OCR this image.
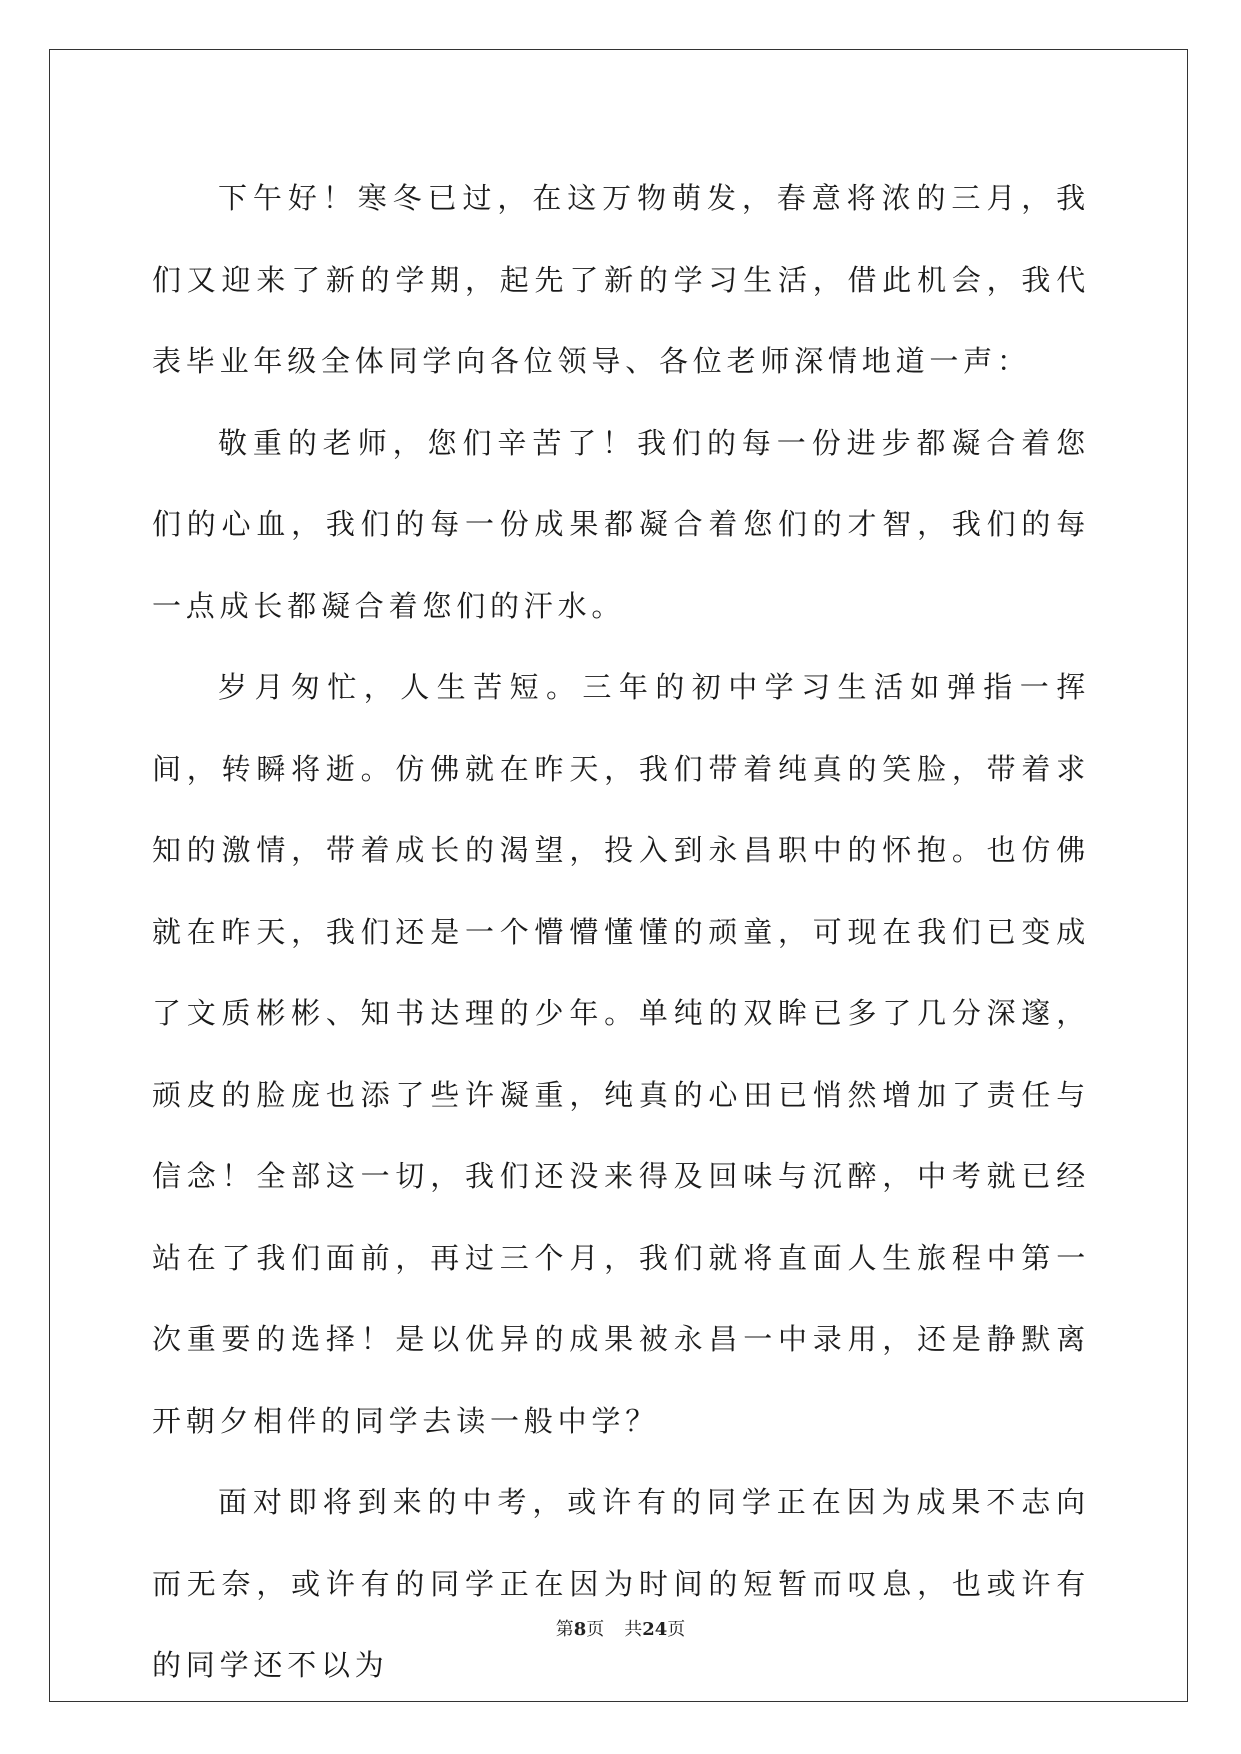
下午好！寒冬已过，在这万物萌发，春意将浓的三月，我们又迎来了新的学期，起先了新的学习生活，借此机会，我代表毕业年级全体同学向各位领导、各位老师深情地道一声：

敬重的老师，您们辛苦了！我们的每一份进步都凝合着您们的心血，我们的每一份成果都凝合着您们的才智，我们的每一点成长都凝合着您们的汗水。

岁月匆忙，人生苦短。三年的初中学习生活如弹指一挥间，转瞬将逝。仿佛就在昨天，我们带着纯真的笑脸，带着求知的激情，带着成长的渴望，投入到永昌职中的怀抱。也仿佛就在昨天，我们还是一个懵懵懂懂的顽童，可现在我们已变成了文质彬彬、知书达理的少年。单纯的双眸已多了几分深邃，顽皮的脸庞也添了些许凝重，纯真的心田已悄然增加了责任与信念！全部这一切，我们还没来得及回味与沉醉，中考就已经站在了我们面前，再过三个月，我们就将直面人生旅程中第一次重要的选择！是以优异的成果被永昌一中录用，还是静默离开朝夕相伴的同学去读一般中学？

面对即将到来的中考，或许有的同学正在因为成果不志向而无奈，或许有的同学正在因为时间的短暂而叹息，也或许有的同学还不以为

第8页 共24页
